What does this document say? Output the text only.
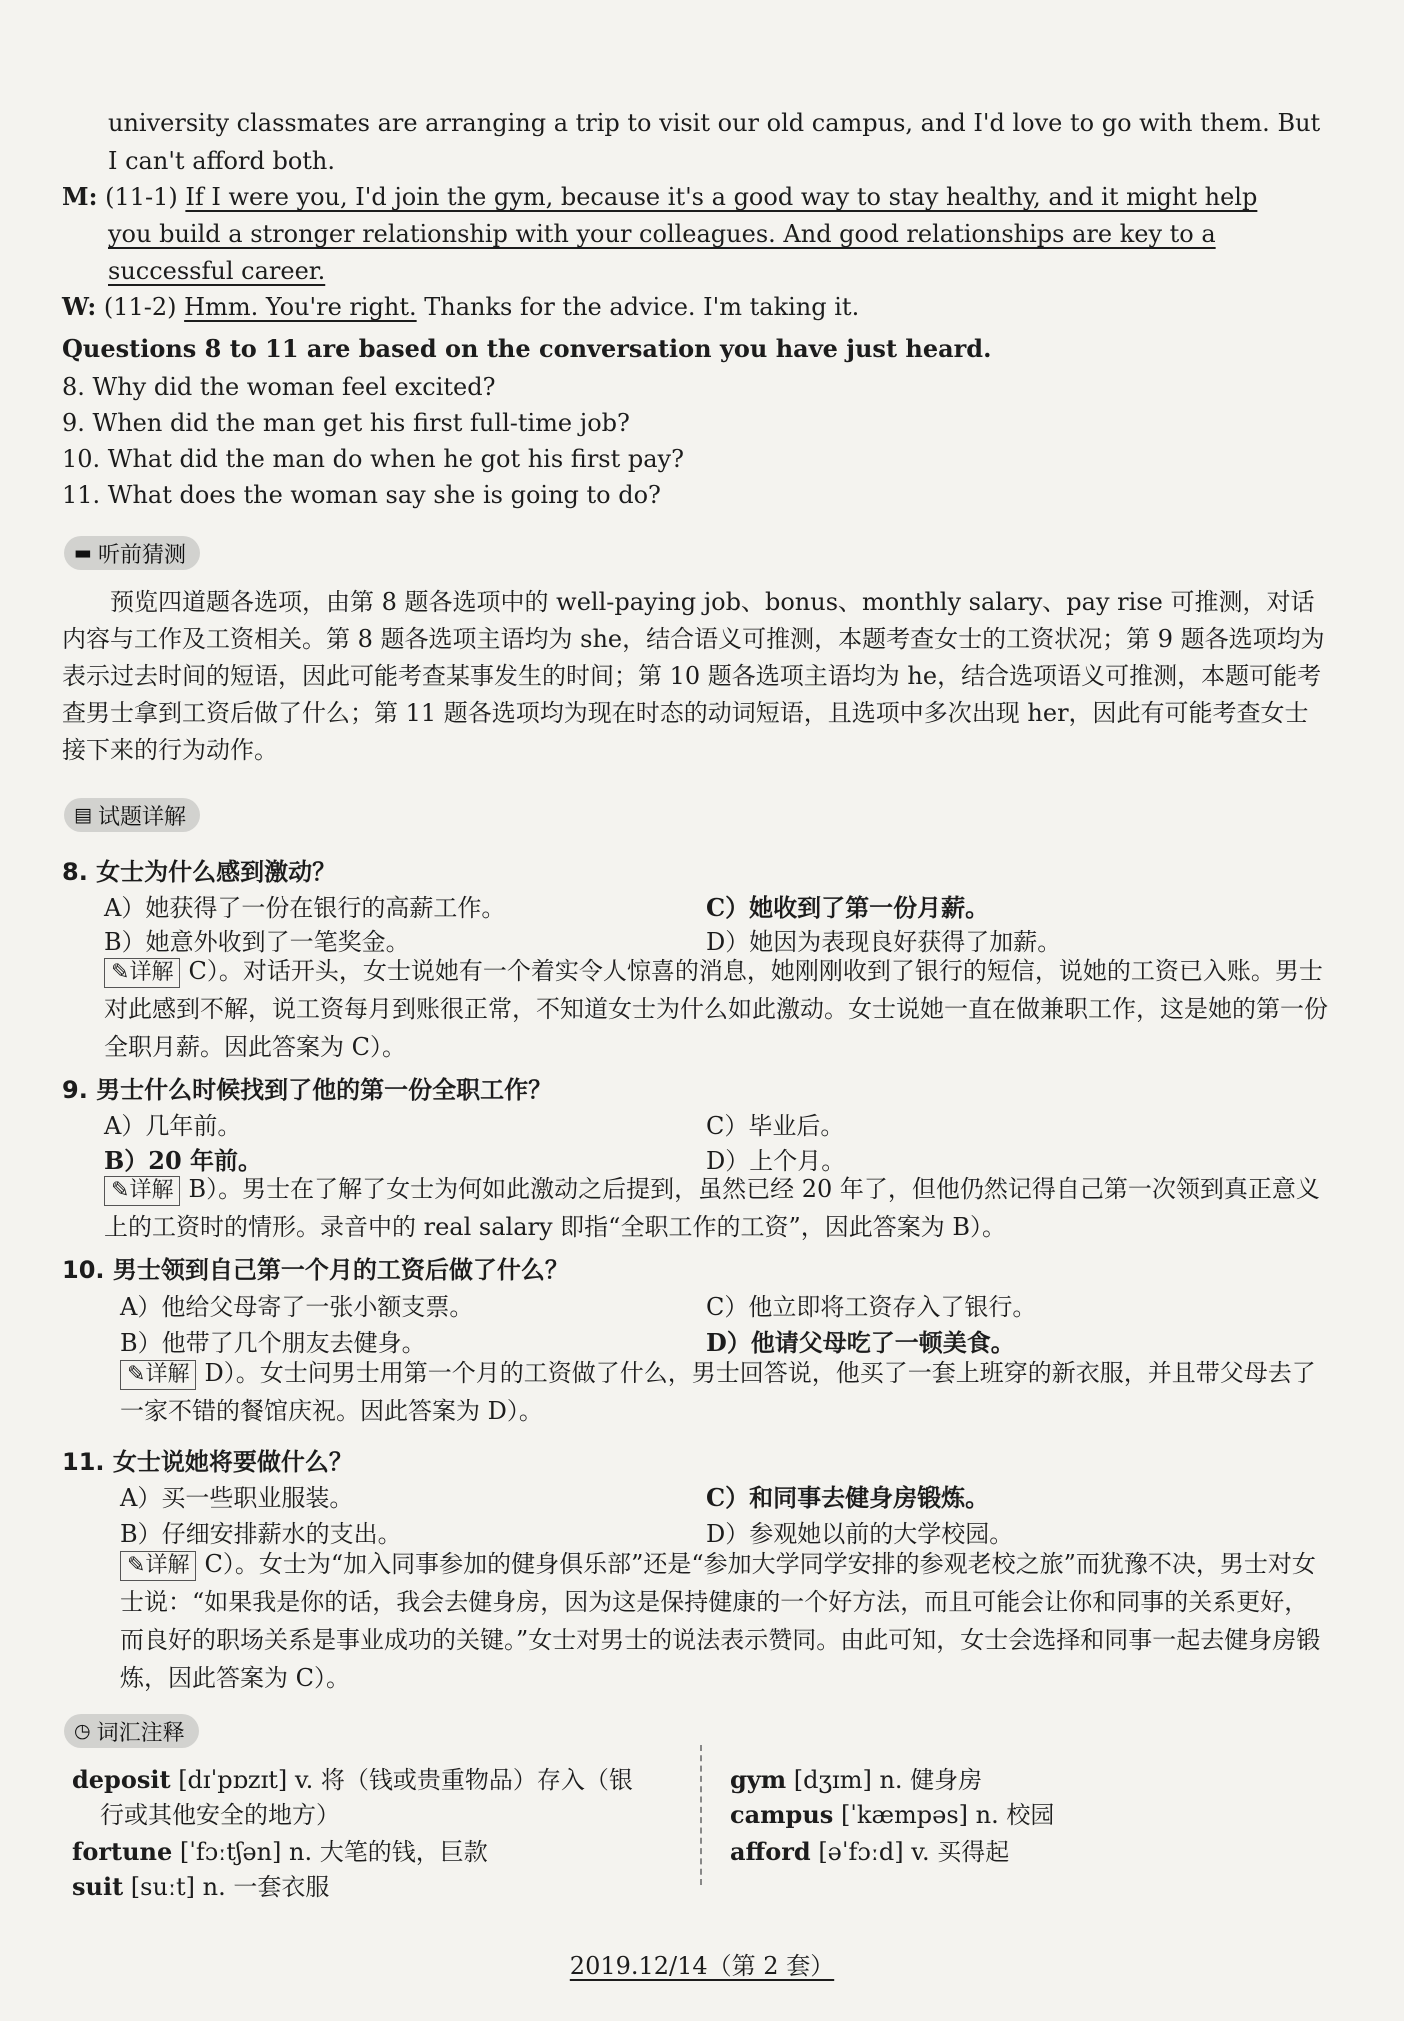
university classmates are arranging a trip to visit our old campus, and I'd love to go with them. But
I can't afford both.
M: (11-1) If I were you, I'd join the gym, because it's a good way to stay healthy, and it might help
you build a stronger relationship with your colleagues. And good relationships are key to a
successful career.
W: (11-2) Hmm. You're right. Thanks for the advice. I'm taking it.
Questions 8 to 11 are based on the conversation you have just heard.
8. Why did the woman feel excited?
9. When did the man get his first full-time job?
10. What did the man do when he got his first pay?
11. What does the woman say she is going to do?
▬ 听前猜测
预览四道题各选项，由第 8 题各选项中的 well-paying job、bonus、monthly salary、pay rise 可推测，对话内容与工作及工资相关。第 8 题各选项主语均为 she，结合语义可推测，本题考查女士的工资状况；第 9 题各选项均为表示过去时间的短语，因此可能考查某事发生的时间；第 10 题各选项主语均为 he，结合选项语义可推测，本题可能考查男士拿到工资后做了什么；第 11 题各选项均为现在时态的动词短语，且选项中多次出现 her，因此有可能考查女士接下来的行为动作。
▤ 试题详解
8. 女士为什么感到激动？
A）她获得了一份在银行的高薪工作。	C）她收到了第一份月薪。
B）她意外收到了一笔奖金。	D）她因为表现良好获得了加薪。
✎详解 C）。对话开头，女士说她有一个着实令人惊喜的消息，她刚刚收到了银行的短信，说她的工资已入账。男士对此感到不解，说工资每月到账很正常，不知道女士为什么如此激动。女士说她一直在做兼职工作，这是她的第一份全职月薪。因此答案为 C）。
9. 男士什么时候找到了他的第一份全职工作？
A）几年前。	C）毕业后。
B）20 年前。	D）上个月。
✎详解 B）。男士在了解了女士为何如此激动之后提到，虽然已经 20 年了，但他仍然记得自己第一次领到真正意义上的工资时的情形。录音中的 real salary 即指“全职工作的工资”，因此答案为 B）。
10. 男士领到自己第一个月的工资后做了什么？
A）他给父母寄了一张小额支票。	C）他立即将工资存入了银行。
B）他带了几个朋友去健身。	D）他请父母吃了一顿美食。
✎详解 D）。女士问男士用第一个月的工资做了什么，男士回答说，他买了一套上班穿的新衣服，并且带父母去了一家不错的餐馆庆祝。因此答案为 D）。
11. 女士说她将要做什么？
A）买一些职业服装。	C）和同事去健身房锻炼。
B）仔细安排薪水的支出。	D）参观她以前的大学校园。
✎详解 C）。女士为“加入同事参加的健身俱乐部”还是“参加大学同学安排的参观老校之旅”而犹豫不决，男士对女士说：“如果我是你的话，我会去健身房，因为这是保持健康的一个好方法，而且可能会让你和同事的关系更好，而良好的职场关系是事业成功的关键。”女士对男士的说法表示赞同。由此可知，女士会选择和同事一起去健身房锻炼，因此答案为 C）。
◷ 词汇注释
deposit [dɪˈpɒzɪt] v. 将（钱或贵重物品）存入（银
行或其他安全的地方）
fortune [ˈfɔːtʃən] n. 大笔的钱，巨款
suit [suːt] n. 一套衣服
gym [dʒɪm] n. 健身房
campus [ˈkæmpəs] n. 校园
afford [əˈfɔːd] v. 买得起
2019.12/14（第 2 套）
